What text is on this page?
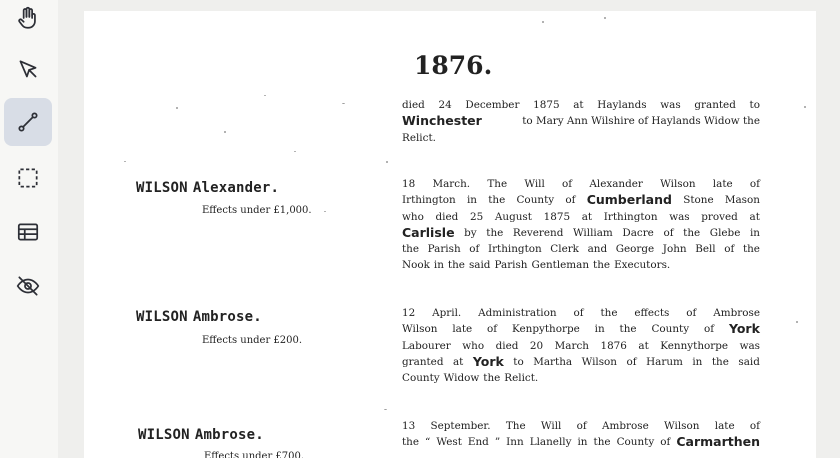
1876.
died 24 December 1875 at Haylands was granted to
Winchester	to Mary Ann Wilshire of Haylands Widow the
Relict.
WILSON Alexander.
Effects under £1,000.
18 March. The Will of Alexander Wilson late of
Irthington in the County of Cumberland Stone Mason
who died 25 August 1875 at Irthington was proved at
Carlisle by the Reverend William Dacre of the Glebe in
the Parish of Irthington Clerk and George John Bell of the
Nook in the said Parish Gentleman the Executors.
WILSON Ambrose.
Effects under £200.
12 April. Administration of the effects of Ambrose
Wilson late of Kenpythorpe in the County of York
Labourer who died 20 March 1876 at Kennythorpe was
granted at York to Martha Wilson of Harum in the said
County Widow the Relict.
WILSON Ambrose.
Effects under £700.
13 September. The Will of Ambrose Wilson late of
the “ West End ” Inn Llanelly in the County of Carmarthen
